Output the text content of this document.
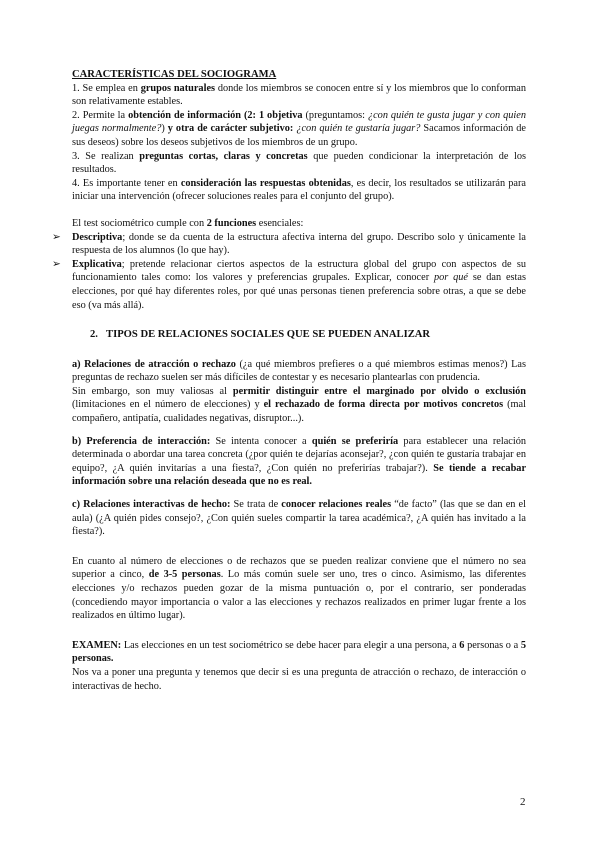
CARACTERÍSTICAS DEL SOCIOGRAMA

1. Se emplea en grupos naturales donde los miembros se conocen entre sí y los miembros que lo conforman son relativamente estables.

2. Permite la obtención de información (2: 1 objetiva (preguntamos: ¿con quién te gusta jugar y con quien juegas normalmente?) y otra de carácter subjetivo: ¿con quién te gustaría jugar? Sacamos información de sus deseos) sobre los deseos subjetivos de los miembros de un grupo.

3. Se realizan preguntas cortas, claras y concretas que pueden condicionar la interpretación de los resultados.

4. Es importante tener en consideración las respuestas obtenidas, es decir, los resultados se utilizarán para iniciar una intervención (ofrecer soluciones reales para el conjunto del grupo).

El test sociométrico cumple con 2 funciones esenciales:

➢ Descriptiva; donde se da cuenta de la estructura afectiva interna del grupo. Describo solo y únicamente la respuesta de los alumnos (lo que hay).

➢ Explicativa; pretende relacionar ciertos aspectos de la estructura global del grupo con aspectos de su funcionamiento tales como: los valores y preferencias grupales. Explicar, conocer por qué se dan estas elecciones, por qué hay diferentes roles, por qué unas personas tienen preferencia sobre otras, a que se debe eso (va más allá).

2. TIPOS DE RELACIONES SOCIALES QUE SE PUEDEN ANALIZAR

a) Relaciones de atracción o rechazo (¿a qué miembros prefieres o a qué miembros estimas menos?) Las preguntas de rechazo suelen ser más difíciles de contestar y es necesario plantearlas con prudencia.

Sin embargo, son muy valiosas al permitir distinguir entre el marginado por olvido o exclusión (limitaciones en el número de elecciones) y el rechazado de forma directa por motivos concretos (mal compañero, antipatía, cualidades negativas, disruptor...).

b) Preferencia de interacción: Se intenta conocer a quién se preferiría para establecer una relación determinada o abordar una tarea concreta (¿por quién te dejarías aconsejar?, ¿con quién te gustaría trabajar en equipo?, ¿A quién invitarías a una fiesta?, ¿Con quién no preferirías trabajar?). Se tiende a recabar información sobre una relación deseada que no es real.

c) Relaciones interactivas de hecho: Se trata de conocer relaciones reales “de facto” (las que se dan en el aula) (¿A quién pides consejo?, ¿Con quién sueles compartir la tarea académica?, ¿A quién has invitado a la fiesta?).

En cuanto al número de elecciones o de rechazos que se pueden realizar conviene que el número no sea superior a cinco, de 3-5 personas. Lo más común suele ser uno, tres o cinco. Asimismo, las diferentes elecciones y/o rechazos pueden gozar de la misma puntuación o, por el contrario, ser ponderadas (concediendo mayor importancia o valor a las elecciones y rechazos realizados en primer lugar frente a los realizados en último lugar).

EXAMEN: Las elecciones en un test sociométrico se debe hacer para elegir a una persona, a 6 personas o a 5 personas.

Nos va a poner una pregunta y tenemos que decir si es una pregunta de atracción o rechazo, de interacción o interactivas de hecho.

2
